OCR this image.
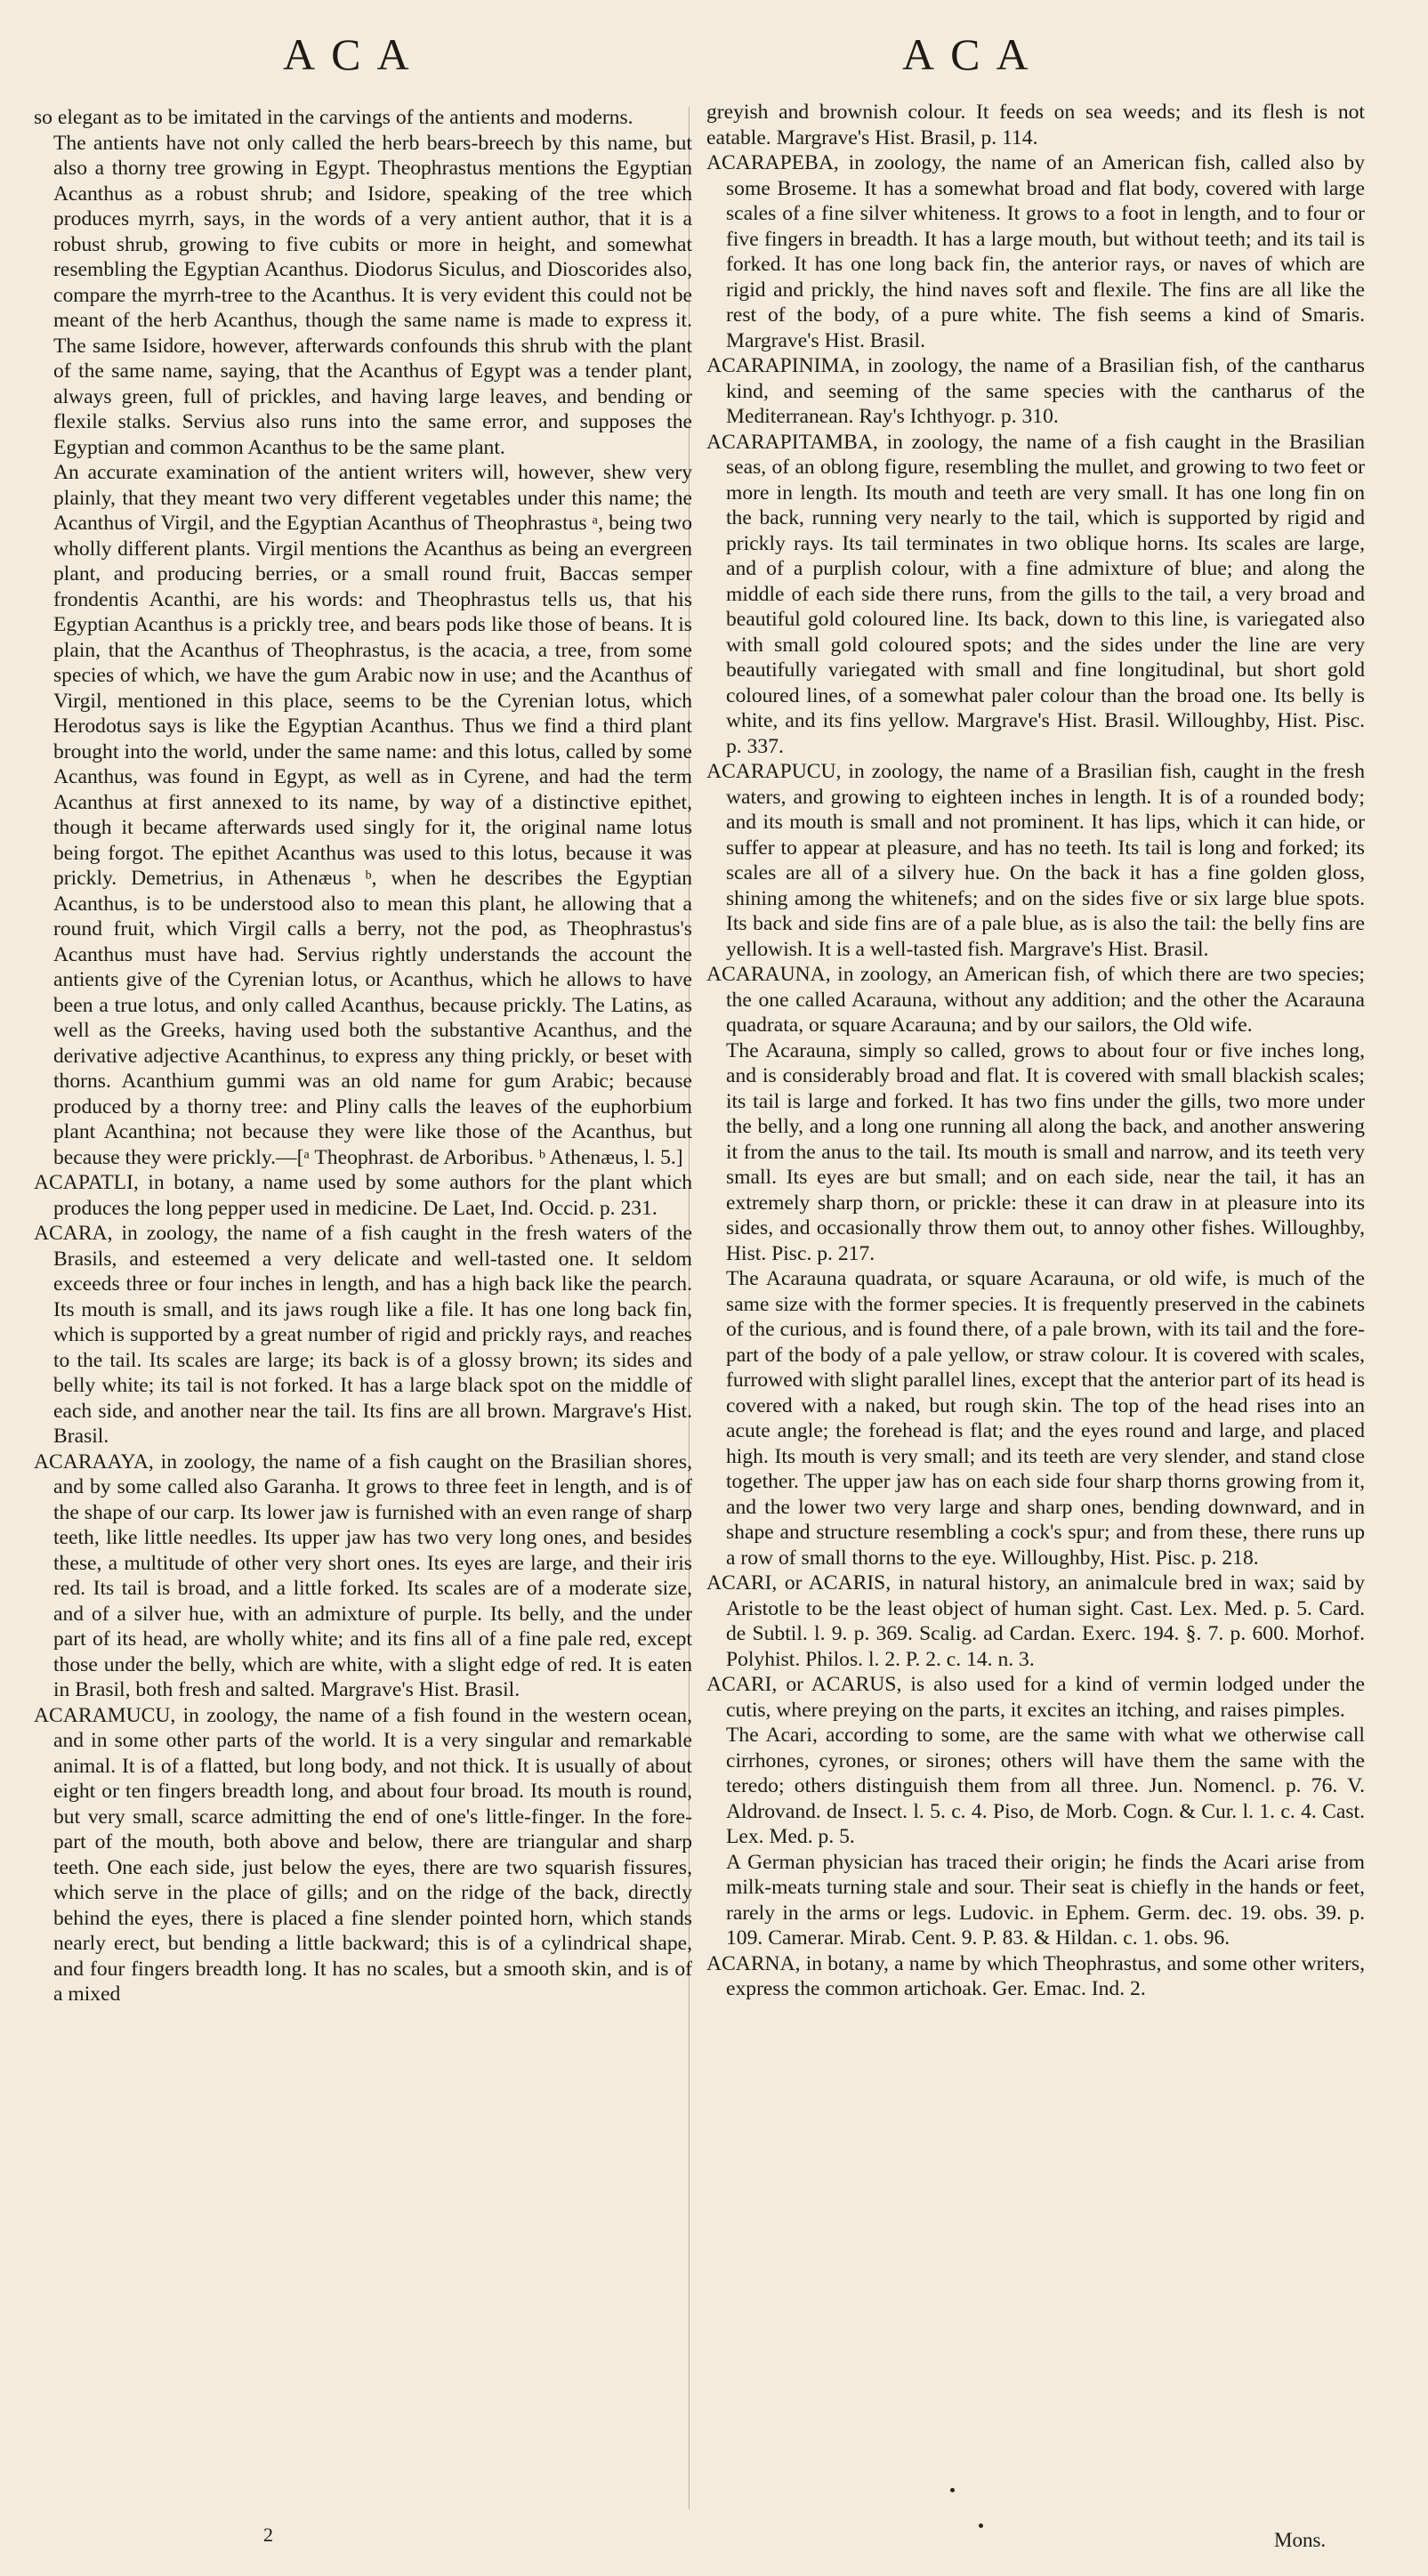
ACA	ACA

so elegant as to be imitated in the carvings of the antients and moderns.

The antients have not only called the herb bears-breech by this name, but also a thorny tree growing in Egypt. Theophrastus mentions the Egyptian Acanthus as a robust shrub; and Isidore, speaking of the tree which produces myrrh, says, in the words of a very antient author, that it is a robust shrub, growing to five cubits or more in height, and somewhat resembling the Egyptian Acanthus. Diodorus Siculus, and Dioscorides also, compare the myrrh-tree to the Acanthus. It is very evident this could not be meant of the herb Acanthus, though the same name is made to express it. The same Isidore, however, afterwards confounds this shrub with the plant of the same name, saying, that the Acanthus of Egypt was a tender plant, always green, full of prickles, and having large leaves, and bending or flexile stalks. Servius also runs into the same error, and supposes the Egyptian and common Acanthus to be the same plant.

An accurate examination of the antient writers will, however, shew very plainly, that they meant two very different vegetables under this name; the Acanthus of Virgil, and the Egyptian Acanthus of Theophrastus ᵃ, being two wholly different plants. Virgil mentions the Acanthus as being an evergreen plant, and producing berries, or a small round fruit, Baccas semper frondentis Acanthi, are his words: and Theophrastus tells us, that his Egyptian Acanthus is a prickly tree, and bears pods like those of beans. It is plain, that the Acanthus of Theophrastus, is the acacia, a tree, from some species of which, we have the gum Arabic now in use; and the Acanthus of Virgil, mentioned in this place, seems to be the Cyrenian lotus, which Herodotus says is like the Egyptian Acanthus. Thus we find a third plant brought into the world, under the same name: and this lotus, called by some Acanthus, was found in Egypt, as well as in Cyrene, and had the term Acanthus at first annexed to its name, by way of a distinctive epithet, though it became afterwards used singly for it, the original name lotus being forgot. The epithet Acanthus was used to this lotus, because it was prickly. Demetrius, in Athenæus ᵇ, when he describes the Egyptian Acanthus, is to be understood also to mean this plant, he allowing that a round fruit, which Virgil calls a berry, not the pod, as Theophrastus's Acanthus must have had. Servius rightly understands the account the antients give of the Cyrenian lotus, or Acanthus, which he allows to have been a true lotus, and only called Acanthus, because prickly. The Latins, as well as the Greeks, having used both the substantive Acanthus, and the derivative adjective Acanthinus, to express any thing prickly, or beset with thorns. Acanthium gummi was an old name for gum Arabic; because produced by a thorny tree: and Pliny calls the leaves of the euphorbium plant Acanthina; not because they were like those of the Acanthus, but because they were prickly.—[ᵃ Theophrast. de Arboribus. ᵇ Athenæus, l. 5.]

ACAPATLI, in botany, a name used by some authors for the plant which produces the long pepper used in medicine. De Laet, Ind. Occid. p. 231.

ACARA, in zoology, the name of a fish caught in the fresh waters of the Brasils, and esteemed a very delicate and well-tasted one. It seldom exceeds three or four inches in length, and has a high back like the pearch. Its mouth is small, and its jaws rough like a file. It has one long back fin, which is supported by a great number of rigid and prickly rays, and reaches to the tail. Its scales are large; its back is of a glossy brown; its sides and belly white; its tail is not forked. It has a large black spot on the middle of each side, and another near the tail. Its fins are all brown. Margrave's Hist. Brasil.

ACARAAYA, in zoology, the name of a fish caught on the Brasilian shores, and by some called also Garanha. It grows to three feet in length, and is of the shape of our carp. Its lower jaw is furnished with an even range of sharp teeth, like little needles. Its upper jaw has two very long ones, and besides these, a multitude of other very short ones. Its eyes are large, and their iris red. Its tail is broad, and a little forked. Its scales are of a moderate size, and of a silver hue, with an admixture of purple. Its belly, and the under part of its head, are wholly white; and its fins all of a fine pale red, except those under the belly, which are white, with a slight edge of red. It is eaten in Brasil, both fresh and salted. Margrave's Hist. Brasil.

ACARAMUCU, in zoology, the name of a fish found in the western ocean, and in some other parts of the world. It is a very singular and remarkable animal. It is of a flatted, but long body, and not thick. It is usually of about eight or ten fingers breadth long, and about four broad. Its mouth is round, but very small, scarce admitting the end of one's little-finger. In the fore-part of the mouth, both above and below, there are triangular and sharp teeth. One each side, just below the eyes, there are two squarish fissures, which serve in the place of gills; and on the ridge of the back, directly behind the eyes, there is placed a fine slender pointed horn, which stands nearly erect, but bending a little backward; this is of a cylindrical shape, and four fingers breadth long. It has no scales, but a smooth skin, and is of a mixed

greyish and brownish colour. It feeds on sea weeds; and its flesh is not eatable. Margrave's Hist. Brasil, p. 114.

ACARAPEBA, in zoology, the name of an American fish, called also by some Broseme. It has a somewhat broad and flat body, covered with large scales of a fine silver whiteness. It grows to a foot in length, and to four or five fingers in breadth. It has a large mouth, but without teeth; and its tail is forked. It has one long back fin, the anterior rays, or naves of which are rigid and prickly, the hind naves soft and flexile. The fins are all like the rest of the body, of a pure white. The fish seems a kind of Smaris. Margrave's Hist. Brasil.

ACARAPINIMA, in zoology, the name of a Brasilian fish, of the cantharus kind, and seeming of the same species with the cantharus of the Mediterranean. Ray's Ichthyogr. p. 310.

ACARAPITAMBA, in zoology, the name of a fish caught in the Brasilian seas, of an oblong figure, resembling the mullet, and growing to two feet or more in length. Its mouth and teeth are very small. It has one long fin on the back, running very nearly to the tail, which is supported by rigid and prickly rays. Its tail terminates in two oblique horns. Its scales are large, and of a purplish colour, with a fine admixture of blue; and along the middle of each side there runs, from the gills to the tail, a very broad and beautiful gold coloured line. Its back, down to this line, is variegated also with small gold coloured spots; and the sides under the line are very beautifully variegated with small and fine longitudinal, but short gold coloured lines, of a somewhat paler colour than the broad one. Its belly is white, and its fins yellow. Margrave's Hist. Brasil. Willoughby, Hist. Pisc. p. 337.

ACARAPUCU, in zoology, the name of a Brasilian fish, caught in the fresh waters, and growing to eighteen inches in length. It is of a rounded body; and its mouth is small and not prominent. It has lips, which it can hide, or suffer to appear at pleasure, and has no teeth. Its tail is long and forked; its scales are all of a silvery hue. On the back it has a fine golden gloss, shining among the whitenefs; and on the sides five or six large blue spots. Its back and side fins are of a pale blue, as is also the tail: the belly fins are yellowish. It is a well-tasted fish. Margrave's Hist. Brasil.

ACARAUNA, in zoology, an American fish, of which there are two species; the one called Acarauna, without any addition; and the other the Acarauna quadrata, or square Acarauna; and by our sailors, the Old wife.

The Acarauna, simply so called, grows to about four or five inches long, and is considerably broad and flat. It is covered with small blackish scales; its tail is large and forked. It has two fins under the gills, two more under the belly, and a long one running all along the back, and another answering it from the anus to the tail. Its mouth is small and narrow, and its teeth very small. Its eyes are but small; and on each side, near the tail, it has an extremely sharp thorn, or prickle: these it can draw in at pleasure into its sides, and occasionally throw them out, to annoy other fishes. Willoughby, Hist. Pisc. p. 217.

The Acarauna quadrata, or square Acarauna, or old wife, is much of the same size with the former species. It is frequently preserved in the cabinets of the curious, and is found there, of a pale brown, with its tail and the fore-part of the body of a pale yellow, or straw colour. It is covered with scales, furrowed with slight parallel lines, except that the anterior part of its head is covered with a naked, but rough skin. The top of the head rises into an acute angle; the forehead is flat; and the eyes round and large, and placed high. Its mouth is very small; and its teeth are very slender, and stand close together. The upper jaw has on each side four sharp thorns growing from it, and the lower two very large and sharp ones, bending downward, and in shape and structure resembling a cock's spur; and from these, there runs up a row of small thorns to the eye. Willoughby, Hist. Pisc. p. 218.

ACARI, or ACARIS, in natural history, an animalcule bred in wax; said by Aristotle to be the least object of human sight. Cast. Lex. Med. p. 5. Card. de Subtil. l. 9. p. 369. Scalig. ad Cardan. Exerc. 194. §. 7. p. 600. Morhof. Polyhist. Philos. l. 2. P. 2. c. 14. n. 3.

ACARI, or ACARUS, is also used for a kind of vermin lodged under the cutis, where preying on the parts, it excites an itching, and raises pimples.

The Acari, according to some, are the same with what we otherwise call cirrhones, cyrones, or sirones; others will have them the same with the teredo; others distinguish them from all three. Jun. Nomencl. p. 76. V. Aldrovand. de Insect. l. 5. c. 4. Piso, de Morb. Cogn. & Cur. l. 1. c. 4. Cast. Lex. Med. p. 5.

A German physician has traced their origin; he finds the Acari arise from milk-meats turning stale and sour. Their seat is chiefly in the hands or feet, rarely in the arms or legs. Ludovic. in Ephem. Germ. dec. 19. obs. 39. p. 109. Camerar. Mirab. Cent. 9. P. 83. & Hildan. c. 1. obs. 96.

ACARNA, in botany, a name by which Theophrastus, and some other writers, express the common artichoak. Ger. Emac. Ind. 2.

2	Mons.
